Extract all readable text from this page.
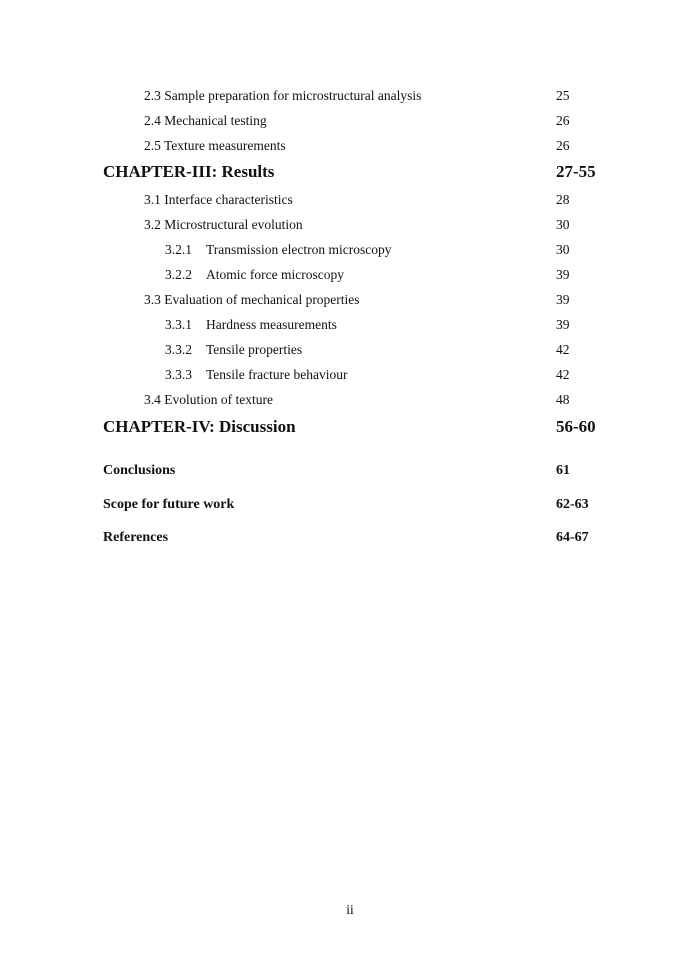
2.3 Sample preparation for microstructural analysis	25
2.4 Mechanical testing	26
2.5 Texture measurements	26
CHAPTER-III: Results	27-55
3.1 Interface characteristics	28
3.2 Microstructural evolution	30
3.2.1 Transmission electron microscopy	30
3.2.2 Atomic force microscopy	39
3.3 Evaluation of mechanical properties	39
3.3.1 Hardness measurements	39
3.3.2 Tensile properties	42
3.3.3 Tensile fracture behaviour	42
3.4 Evolution of texture	48
CHAPTER-IV: Discussion	56-60
Conclusions	61
Scope for future work	62-63
References	64-67
ii
